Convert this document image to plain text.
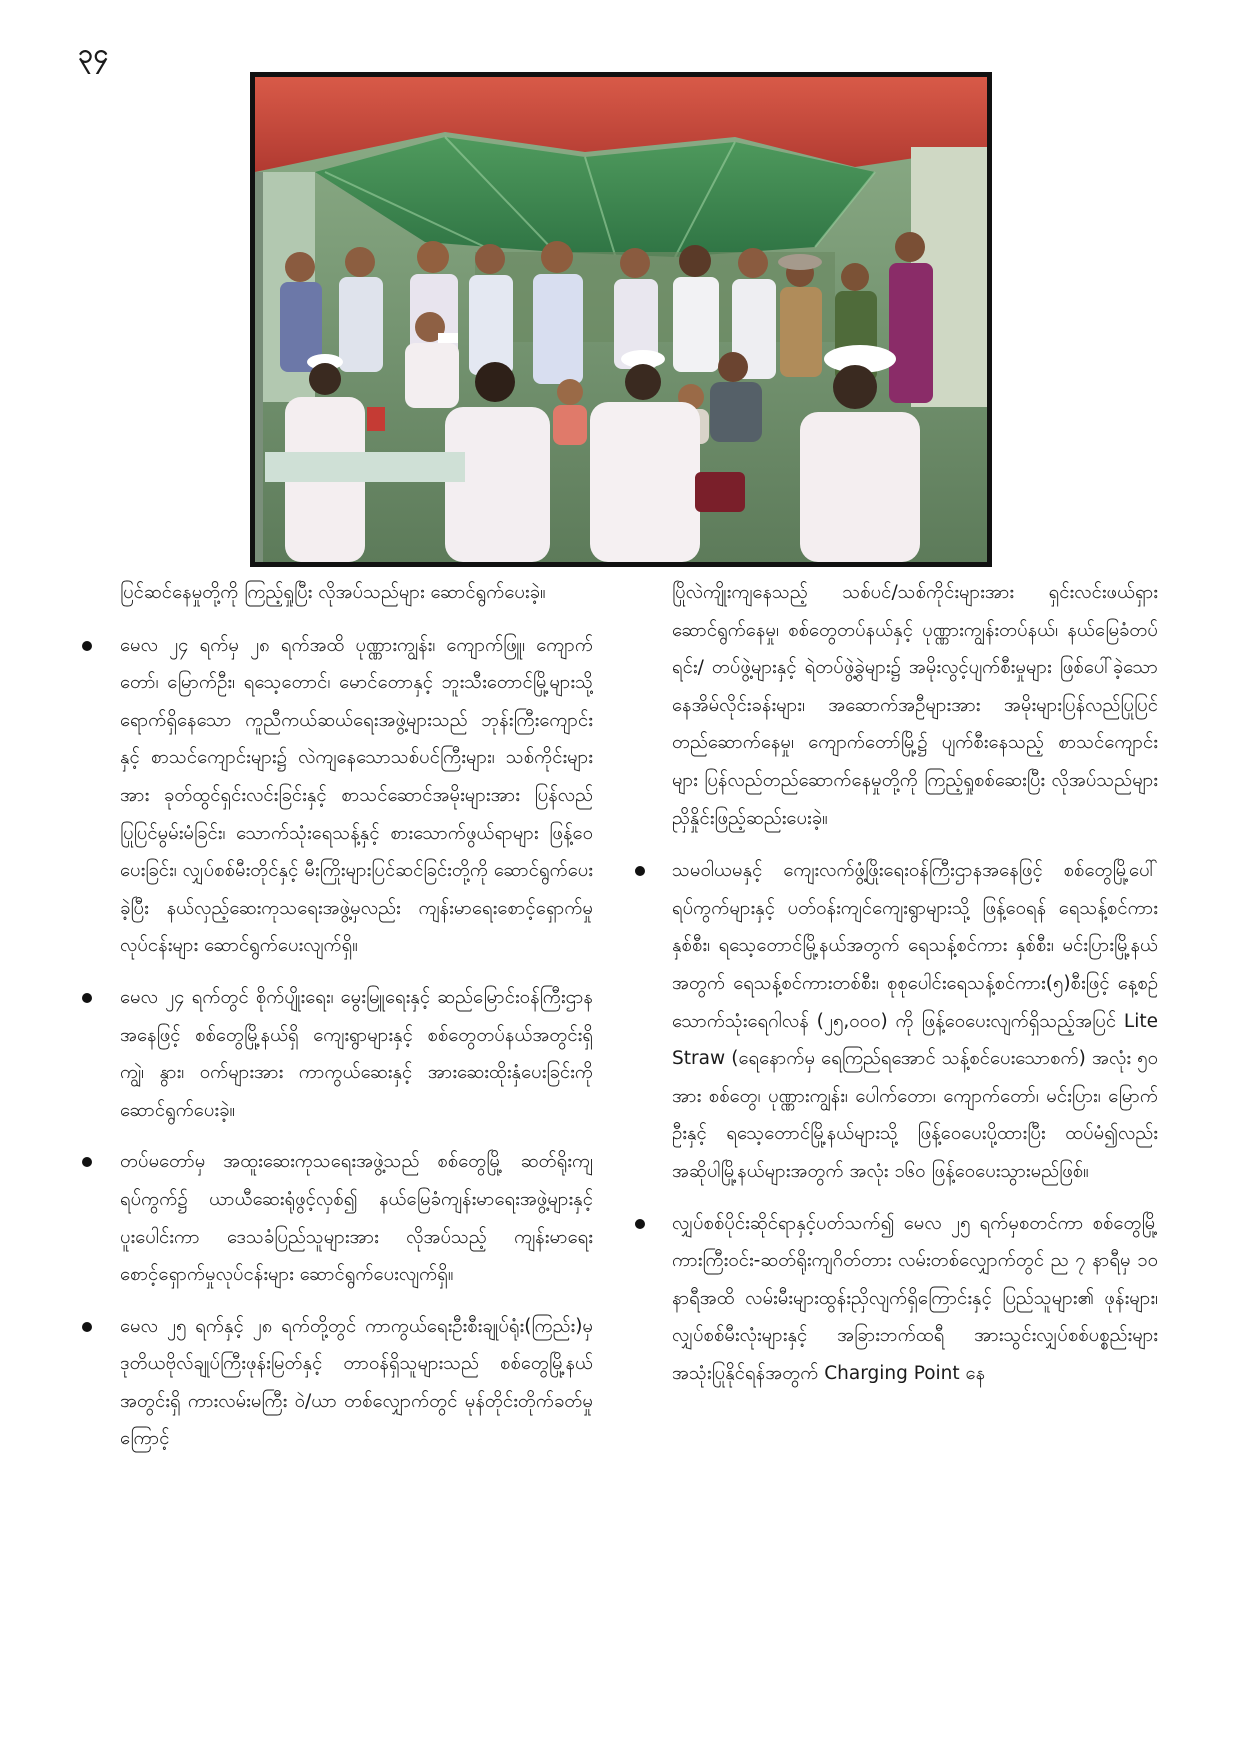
၃၄

ပြင်ဆင်နေမှုတို့ကို ကြည့်ရှုပြီး လိုအပ်သည်များ ဆောင်ရွက်ပေးခဲ့။

မေလ ၂၄ ရက်မှ ၂၈ ရက်အထိ ပုဏ္ဏားကျွန်း၊ ကျောက်ဖြူ၊ ကျောက်တော်၊ မြောက်ဦး၊ ရသေ့တောင်၊ မောင်တောနှင့် ဘူးသီးတောင်မြို့များသို့ ရောက်ရှိနေသော ကူညီကယ်ဆယ်ရေးအဖွဲ့များသည် ဘုန်းကြီးကျောင်းနှင့် စာသင်ကျောင်းများ၌ လဲကျနေသောသစ်ပင်ကြီးများ၊ သစ်ကိုင်းများအား ခုတ်ထွင်ရှင်းလင်းခြင်းနှင့် စာသင်ဆောင်အမိုးများအား ပြန်လည်ပြုပြင်မွမ်းမံခြင်း၊ သောက်သုံးရေသန့်နှင့် စားသောက်ဖွယ်ရာများ ဖြန့်ဝေပေးခြင်း၊ လျှပ်စစ်မီးတိုင်နှင့် မီးကြိုးများပြင်ဆင်ခြင်းတို့ကို ဆောင်ရွက်ပေးခဲ့ပြီး နယ်လှည့်ဆေးကုသရေးအဖွဲ့မှလည်း ကျန်းမာရေးစောင့်ရှောက်မှုလုပ်ငန်းများ ဆောင်ရွက်ပေးလျက်ရှိ။
မေလ ၂၄ ရက်တွင် စိုက်ပျိုးရေး၊ မွေးမြူရေးနှင့် ဆည်မြောင်းဝန်ကြီးဌာနအနေဖြင့် စစ်တွေမြို့နယ်ရှိ ကျေးရွာများနှင့် စစ်တွေတပ်နယ်အတွင်းရှိ ကျွဲ၊ နွား၊ ဝက်များအား ကာကွယ်ဆေးနှင့် အားဆေးထိုးနှံပေးခြင်းကို ဆောင်ရွက်ပေးခဲ့။
တပ်မတော်မှ အထူးဆေးကုသရေးအဖွဲ့သည် စစ်တွေမြို့ ဆတ်ရိုးကျရပ်ကွက်၌ ယာယီဆေးရုံဖွင့်လှစ်၍ နယ်မြေခံကျန်းမာရေးအဖွဲ့များနှင့်ပူးပေါင်းကာ ဒေသခံပြည်သူများအား လိုအပ်သည့် ကျန်းမာရေးစောင့်ရှောက်မှုလုပ်ငန်းများ ဆောင်ရွက်ပေးလျက်ရှိ။
မေလ ၂၅ ရက်နှင့် ၂၈ ရက်တို့တွင် ကာကွယ်ရေးဦးစီးချုပ်ရုံး(ကြည်း)မှ ဒုတိယဗိုလ်ချုပ်ကြီးဖုန်းမြတ်နှင့် တာဝန်ရှိသူများသည် စစ်တွေမြို့နယ်အတွင်းရှိ ကားလမ်းမကြီး ဝဲ/ယာ တစ်လျှောက်တွင် မုန်တိုင်းတိုက်ခတ်မှုကြောင့်

ပြိုလဲကျိုးကျနေသည့် သစ်ပင်/သစ်ကိုင်းများအား ရှင်းလင်းဖယ်ရှားဆောင်ရွက်နေမှု၊ စစ်တွေတပ်နယ်နှင့် ပုဏ္ဏားကျွန်းတပ်နယ်၊ နယ်မြေခံတပ်ရင်း/ တပ်ဖွဲ့များနှင့် ရဲတပ်ဖွဲ့ခွဲများ၌ အမိုးလွင့်ပျက်စီးမှုများ ဖြစ်ပေါ်ခဲ့သော နေအိမ်လိုင်းခန်းများ၊ အဆောက်အဦများအား အမိုးများပြန်လည်ပြုပြင်တည်ဆောက်နေမှု၊ ကျောက်တော်မြို့၌ ပျက်စီးနေသည့် စာသင်ကျောင်းများ ပြန်လည်တည်ဆောက်နေမှုတို့ကို ကြည့်ရှုစစ်ဆေးပြီး လိုအပ်သည်များ ညှိနှိုင်းဖြည့်ဆည်းပေးခဲ့။

သမဝါယမနှင့် ကျေးလက်ဖွံ့ဖြိုးရေးဝန်ကြီးဌာနအနေဖြင့် စစ်တွေမြို့ပေါ်ရပ်ကွက်များနှင့် ပတ်ဝန်းကျင်ကျေးရွာများသို့ ဖြန့်ဝေရန် ရေသန့်စင်ကား နှစ်စီး၊ ရသေ့တောင်မြို့နယ်အတွက် ရေသန့်စင်ကား နှစ်စီး၊ မင်းပြားမြို့နယ်အတွက် ရေသန့်စင်ကားတစ်စီး၊ စုစုပေါင်းရေသန့်စင်ကား(၅)စီးဖြင့် နေ့စဉ်သောက်သုံးရေဂါလန် (၂၅,၀၀၀) ကို ဖြန့်ဝေပေးလျက်ရှိသည့်အပြင် Lite Straw (ရေနောက်မှ ရေကြည်ရအောင် သန့်စင်ပေးသောစက်) အလုံး ၅၀ အား စစ်တွေ၊ ပုဏ္ဏားကျွန်း၊ ပေါက်တော၊ ကျောက်တော်၊ မင်းပြား၊ မြောက်ဦးနှင့် ရသေ့တောင်မြို့နယ်များသို့ ဖြန့်ဝေပေးပို့ထားပြီး ထပ်မံ၍လည်း အဆိုပါမြို့နယ်များအတွက် အလုံး ၁၆၀ ဖြန့်ဝေပေးသွားမည်ဖြစ်။
လျှပ်စစ်ပိုင်းဆိုင်ရာနှင့်ပတ်သက်၍ မေလ ၂၅ ရက်မှစတင်ကာ စစ်တွေမြို့ ကားကြီးဝင်း-ဆတ်ရိုးကျဂိတ်တား လမ်းတစ်လျှောက်တွင် ည ၇ နာရီမှ ၁၀ နာရီအထိ လမ်းမီးများထွန်းညှိလျက်ရှိကြောင်းနှင့် ပြည်သူများ၏ ဖုန်းများ၊ လျှပ်စစ်မီးလုံးများနှင့် အခြားဘက်ထရီ အားသွင်းလျှပ်စစ်ပစ္စည်းများ အသုံးပြုနိုင်ရန်အတွက် Charging Point နေ
